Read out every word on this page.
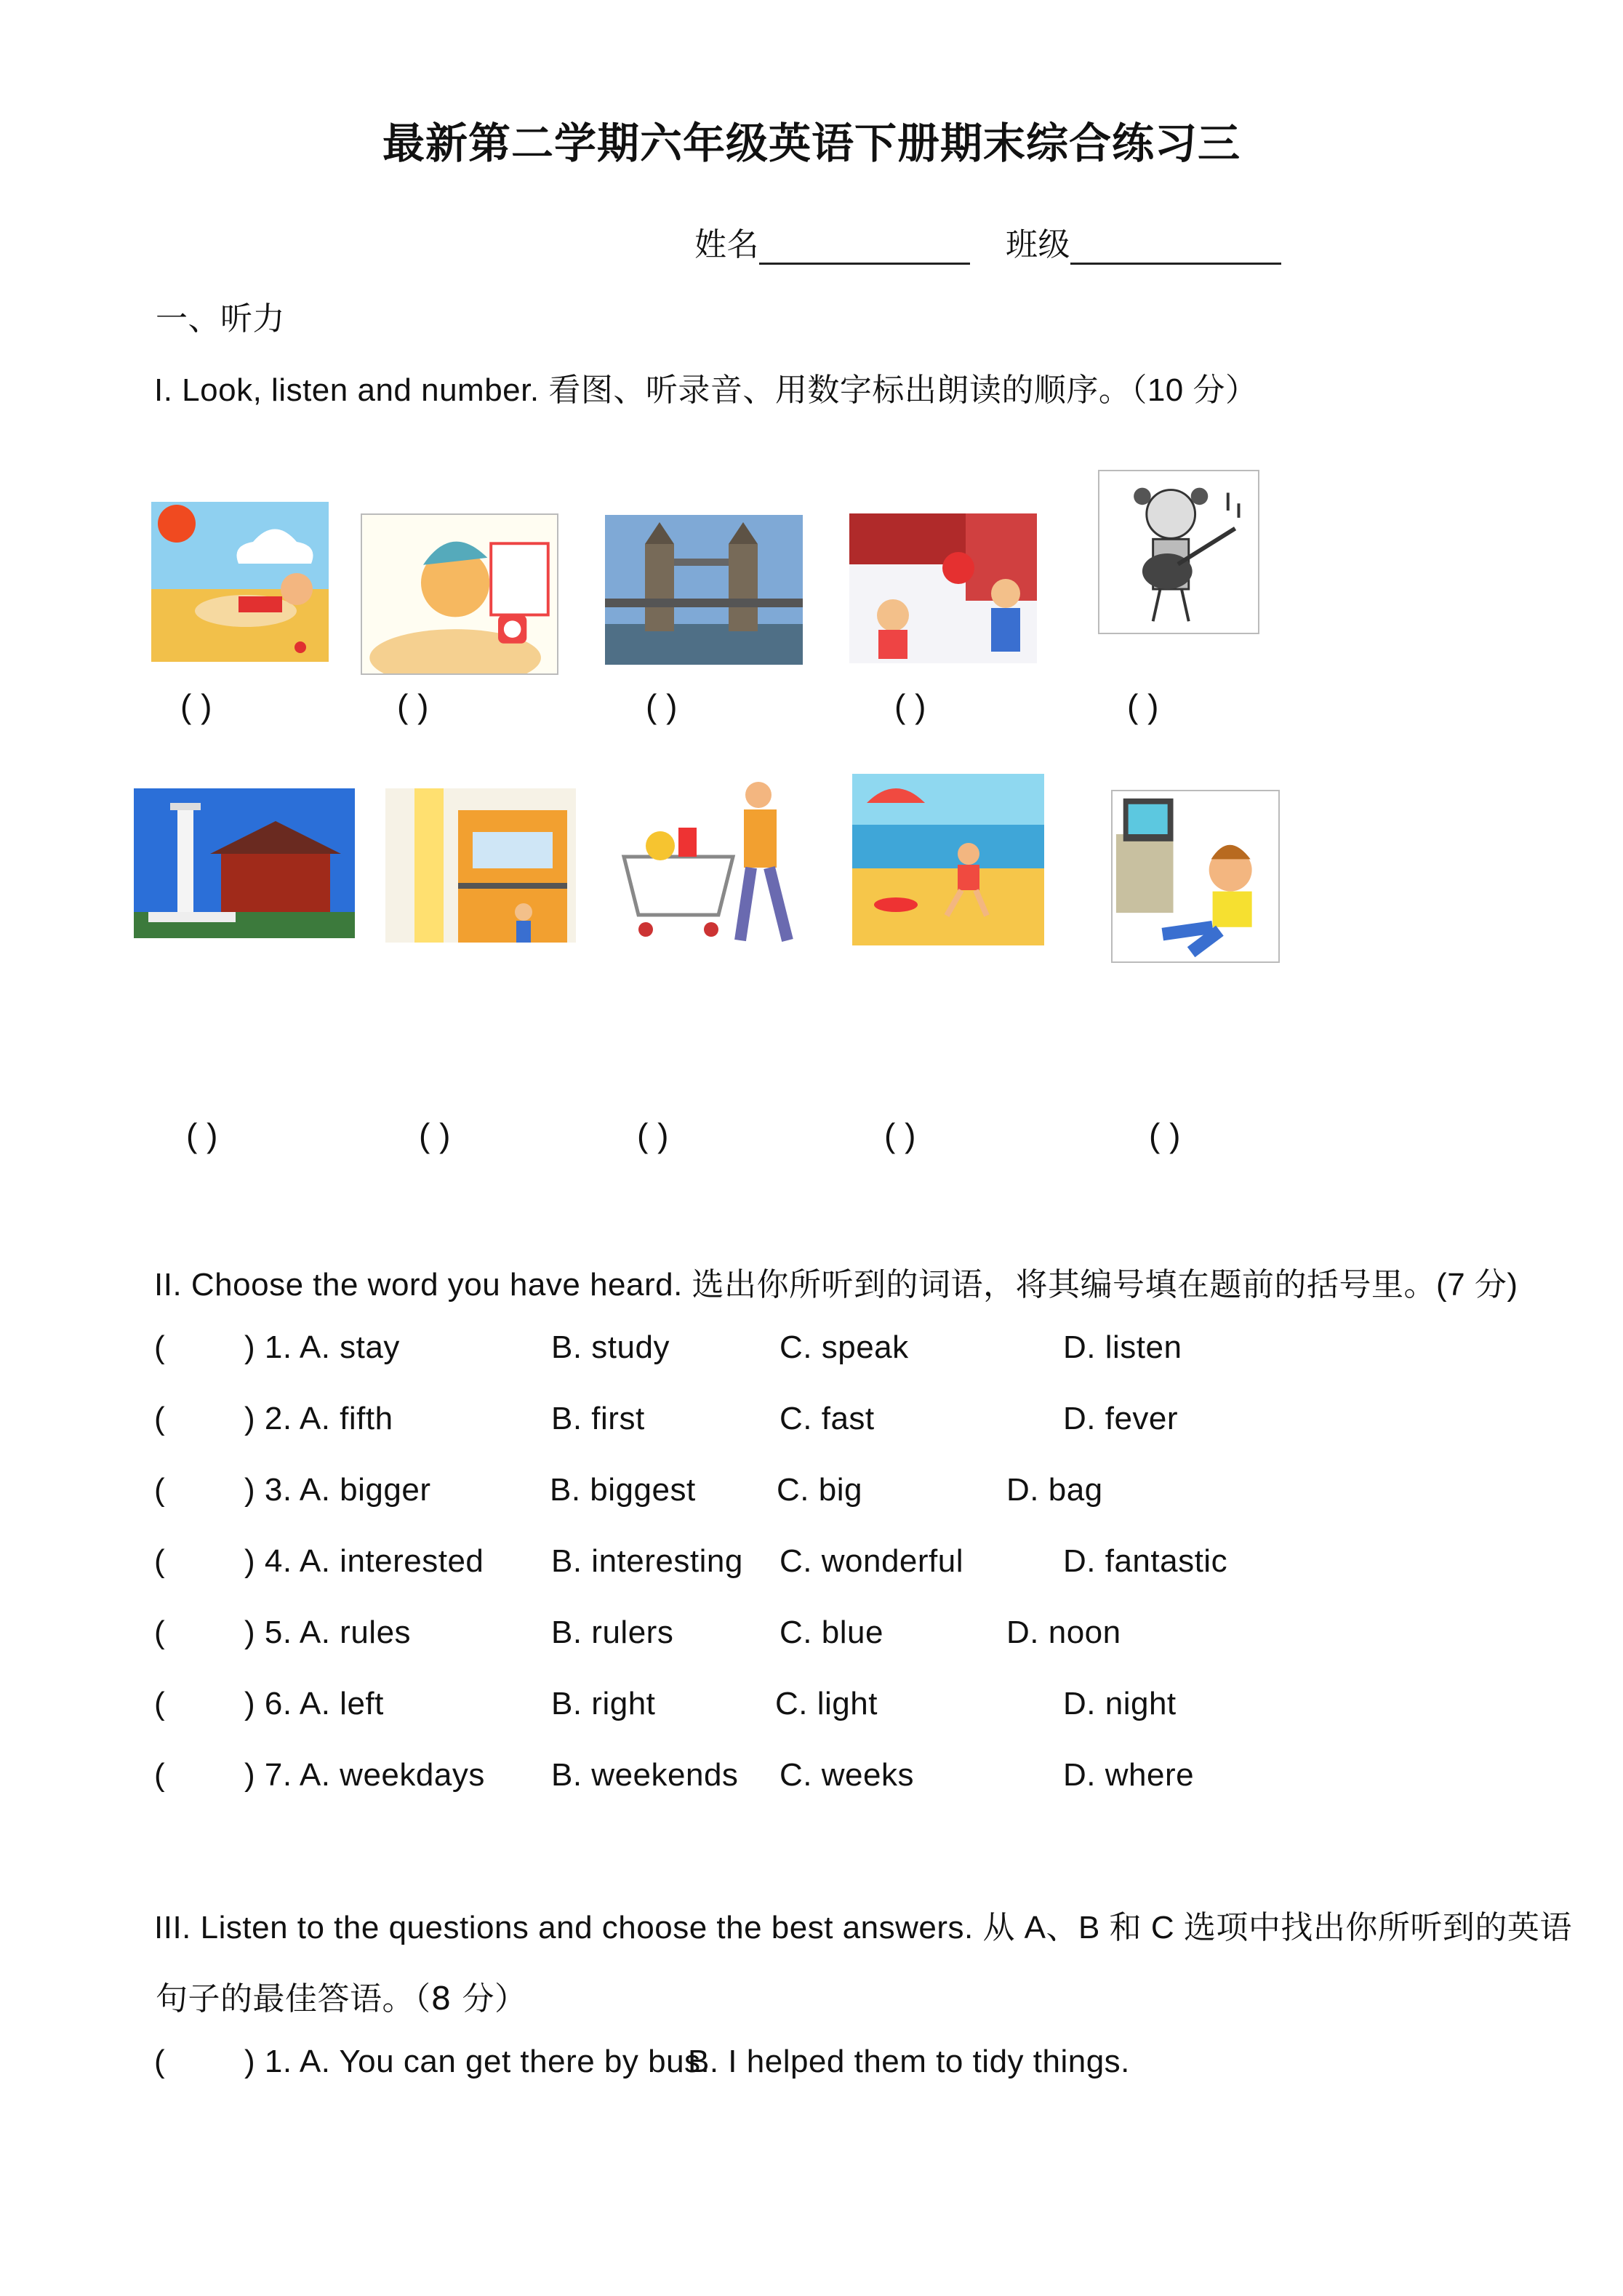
最新第二学期六年级英语下册期末综合练习三
姓名	班级
一、听力
I. Look, listen and number. 看图、听录音、用数字标出朗读的顺序。（10 分）
( )	( )	( )	( )	( )
( )	( )	( )	( )	( )
II. Choose the word you have heard. 选出你所听到的词语，将其编号填在题前的括号里。(7 分)
( ) 1. A. stay	B. study	C. speak	D. listen
( ) 2. A. fifth	B. first	C. fast	D. fever
( ) 3. A. bigger	B. biggest	C. big	D. bag
( ) 4. A. interested B. interesting C. wonderful	D. fantastic
( ) 5. A. rules	B. rulers	C. blue	D. noon
( ) 6. A. left	B. right	C. light	D. night
( ) 7. A. weekdays B. weekends C. weeks	D. where
III. Listen to the questions and choose the best answers. 从 A、B 和 C 选项中找出你所听到的英语
句子的最佳答语。（8 分）
( ) 1. A. You can get there by bus.
B. I helped them to tidy things.
